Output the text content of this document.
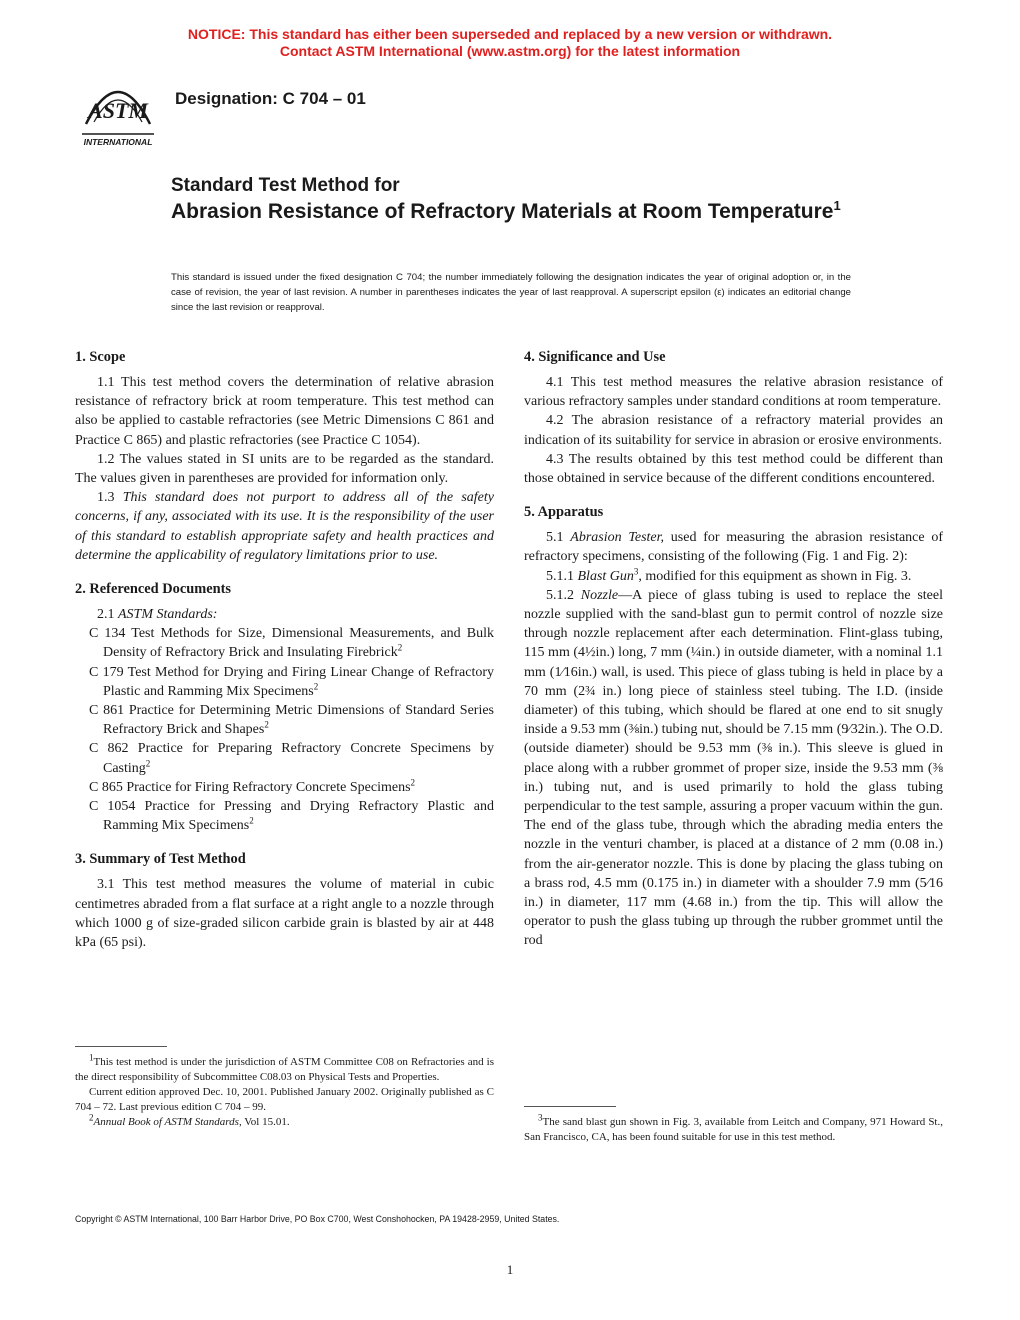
NOTICE: This standard has either been superseded and replaced by a new version or withdrawn.
Contact ASTM International (www.astm.org) for the latest information
ASTM
INTERNATIONAL
Designation: C 704 – 01
Standard Test Method for
Abrasion Resistance of Refractory Materials at Room Temperature$^1$
This standard is issued under the fixed designation C 704; the number immediately following the designation indicates the year of original adoption or, in the case of revision, the year of last revision. A number in parentheses indicates the year of last reapproval. A superscript epsilon (ε) indicates an editorial change since the last revision or reapproval.
1. Scope

1.1 This test method covers the determination of relative abrasion resistance of refractory brick at room temperature. This test method can also be applied to castable refractories (see Metric Dimensions C 861 and Practice C 865) and plastic refractories (see Practice C 1054).

1.2 The values stated in SI units are to be regarded as the standard. The values given in parentheses are provided for information only.

1.3 This standard does not purport to address all of the safety concerns, if any, associated with its use. It is the responsibility of the user of this standard to establish appropriate safety and health practices and determine the applicability of regulatory limitations prior to use.

2. Referenced Documents

2.1 ASTM Standards:

C 134 Test Methods for Size, Dimensional Measurements, and Bulk Density of Refractory Brick and Insulating Firebrick$^2$

C 179 Test Method for Drying and Firing Linear Change of Refractory Plastic and Ramming Mix Specimens$^2$

C 861 Practice for Determining Metric Dimensions of Standard Series Refractory Brick and Shapes$^2$

C 862 Practice for Preparing Refractory Concrete Specimens by Casting$^2$

C 865 Practice for Firing Refractory Concrete Specimens$^2$

C 1054 Practice for Pressing and Drying Refractory Plastic and Ramming Mix Specimens$^2$

3. Summary of Test Method

3.1 This test method measures the volume of material in cubic centimetres abraded from a flat surface at a right angle to a nozzle through which 1000 g of size-graded silicon carbide grain is blasted by air at 448 kPa (65 psi).

4. Significance and Use

4.1 This test method measures the relative abrasion resistance of various refractory samples under standard conditions at room temperature.

4.2 The abrasion resistance of a refractory material provides an indication of its suitability for service in abrasion or erosive environments.

4.3 The results obtained by this test method could be different than those obtained in service because of the different conditions encountered.

5. Apparatus

5.1 Abrasion Tester, used for measuring the abrasion resistance of refractory specimens, consisting of the following (Fig. 1 and Fig. 2):

5.1.1 Blast Gun$^3$, modified for this equipment as shown in Fig. 3.

5.1.2 Nozzle—A piece of glass tubing is used to replace the steel nozzle supplied with the sand-blast gun to permit control of nozzle size through nozzle replacement after each determination. Flint-glass tubing, 115 mm (4½in.) long, 7 mm (¼in.) in outside diameter, with a nominal 1.1 mm (1⁄16in.) wall, is used. This piece of glass tubing is held in place by a 70 mm (2¾ in.) long piece of stainless steel tubing. The I.D. (inside diameter) of this tubing, which should be flared at one end to sit snugly inside a 9.53 mm (⅜in.) tubing nut, should be 7.15 mm (9⁄32in.). The O.D. (outside diameter) should be 9.53 mm (⅜ in.). This sleeve is glued in place along with a rubber grommet of proper size, inside the 9.53 mm (⅜ in.) tubing nut, and is used primarily to hold the glass tubing perpendicular to the test sample, assuring a proper vacuum within the gun. The end of the glass tube, through which the abrading media enters the nozzle in the venturi chamber, is placed at a distance of 2 mm (0.08 in.) from the air-generator nozzle. This is done by placing the glass tubing on a brass rod, 4.5 mm (0.175 in.) in diameter with a shoulder 7.9 mm (5⁄16 in.) in diameter, 117 mm (4.68 in.) from the tip. This will allow the operator to push the glass tubing up through the rubber grommet until the rod

$^1$This test method is under the jurisdiction of ASTM Committee C08 on Refractories and is the direct responsibility of Subcommittee C08.03 on Physical Tests and Properties.

Current edition approved Dec. 10, 2001. Published January 2002. Originally published as C 704 – 72. Last previous edition C 704 – 99.

$^2$Annual Book of ASTM Standards, Vol 15.01.	$^3$The sand blast gun shown in Fig. 3, available from Leitch and Company, 971 Howard St., San Francisco, CA, has been found suitable for use in this test method.

Copyright © ASTM International, 100 Barr Harbor Drive, PO Box C700, West Conshohocken, PA 19428-2959, United States.
1
